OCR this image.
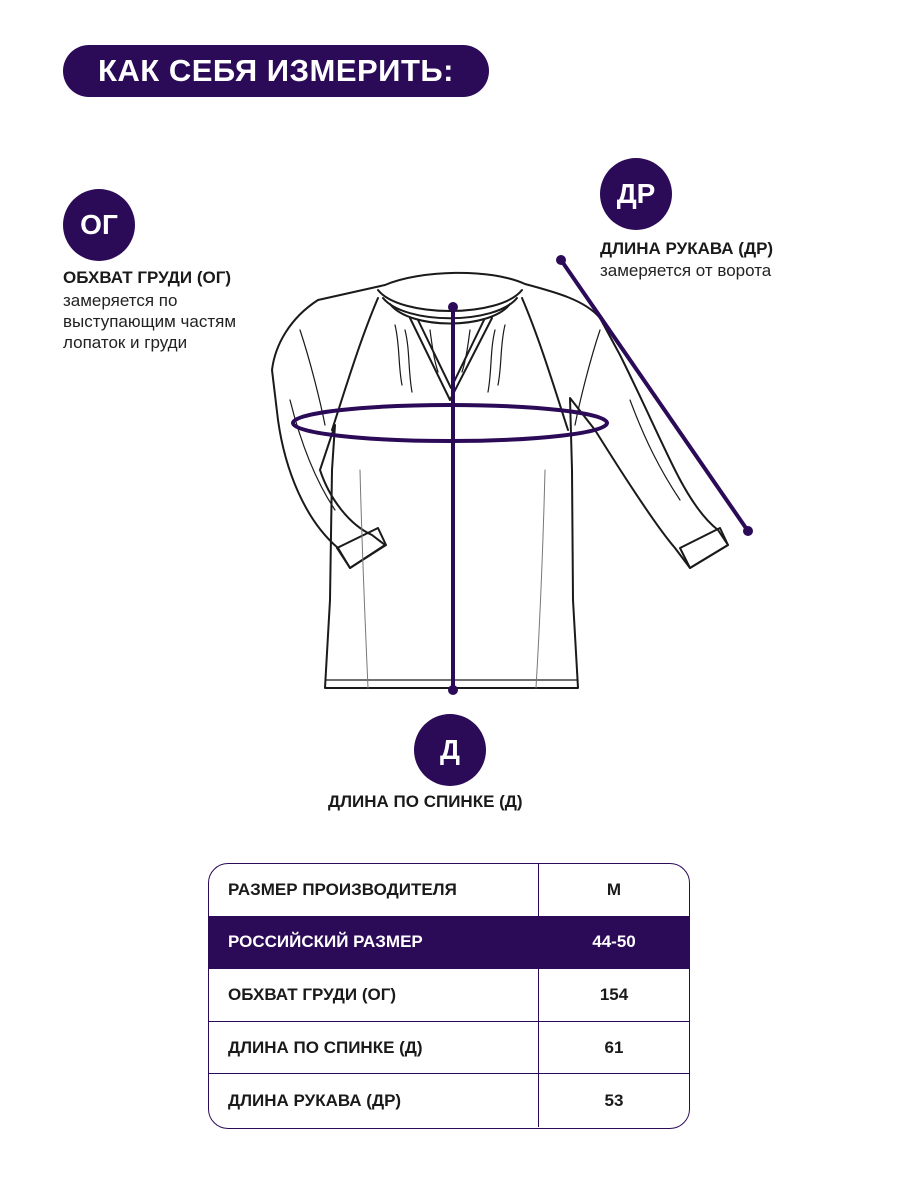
КАК СЕБЯ ИЗМЕРИТЬ:
ОГ
ОБХВАТ ГРУДИ (ОГ)
замеряется по
выступающим частям
лопаток и груди
ДР
ДЛИНА РУКАВА (ДР)
замеряется от ворота
Д
ДЛИНА ПО СПИНКЕ (Д)
РАЗМЕР ПРОИЗВОДИТЕЛЯ	M
РОССИЙСКИЙ РАЗМЕР	44-50
ОБХВАТ ГРУДИ (ОГ)	154
ДЛИНА ПО СПИНКЕ (Д)	61
ДЛИНА РУКАВА (ДР)	53
